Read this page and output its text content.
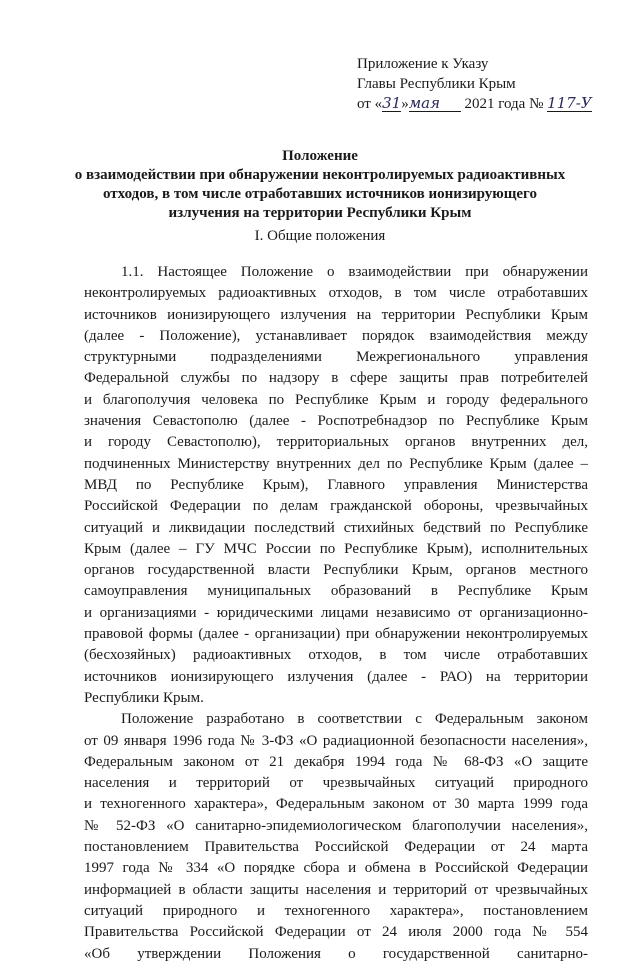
Приложение к Указу
Главы Республики Крым
от «31»мая 2021 года № 117-У
Положение
о взаимодействии при обнаружении неконтролируемых радиоактивных
отходов, в том числе отработавших источников ионизирующего
излучения на территории Республики Крым
I. Общие положения
1.1. Настоящее Положение о взаимодействии при обнаружении
неконтролируемых радиоактивных отходов, в том числе отработавших
источников ионизирующего излучения на территории Республики Крым
(далее - Положение), устанавливает порядок взаимодействия между
структурными подразделениями Межрегионального управления
Федеральной службы по надзору в сфере защиты прав потребителей
и благополучия человека по Республике Крым и городу федерального
значения Севастополю (далее - Роспотребнадзор по Республике Крым
и городу Севастополю), территориальных органов внутренних дел,
подчиненных Министерству внутренних дел по Республике Крым (далее –
МВД по Республике Крым), Главного управления Министерства
Российской Федерации по делам гражданской обороны, чрезвычайных
ситуаций и ликвидации последствий стихийных бедствий по Республике
Крым (далее – ГУ МЧС России по Республике Крым), исполнительных
органов государственной власти Республики Крым, органов местного
самоуправления муниципальных образований в Республике Крым
и организациями - юридическими лицами независимо от организационно-
правовой формы (далее - организации) при обнаружении неконтролируемых
(бесхозяйных) радиоактивных отходов, в том числе отработавших
источников ионизирующего излучения (далее - РАО) на территории
Республики Крым.
Положение разработано в соответствии с Федеральным законом
от 09 января 1996 года № 3-ФЗ «О радиационной безопасности населения»,
Федеральным законом от 21 декабря 1994 года № 68-ФЗ «О защите
населения и территорий от чрезвычайных ситуаций природного
и техногенного характера», Федеральным законом от 30 марта 1999 года
№ 52-ФЗ «О санитарно-эпидемиологическом благополучии населения»,
постановлением Правительства Российской Федерации от 24 марта
1997 года № 334 «О порядке сбора и обмена в Российской Федерации
информацией в области защиты населения и территорий от чрезвычайных
ситуаций природного и техногенного характера», постановлением
Правительства Российской Федерации от 24 июля 2000 года № 554
«Об утверждении Положения о государственной санитарно-
